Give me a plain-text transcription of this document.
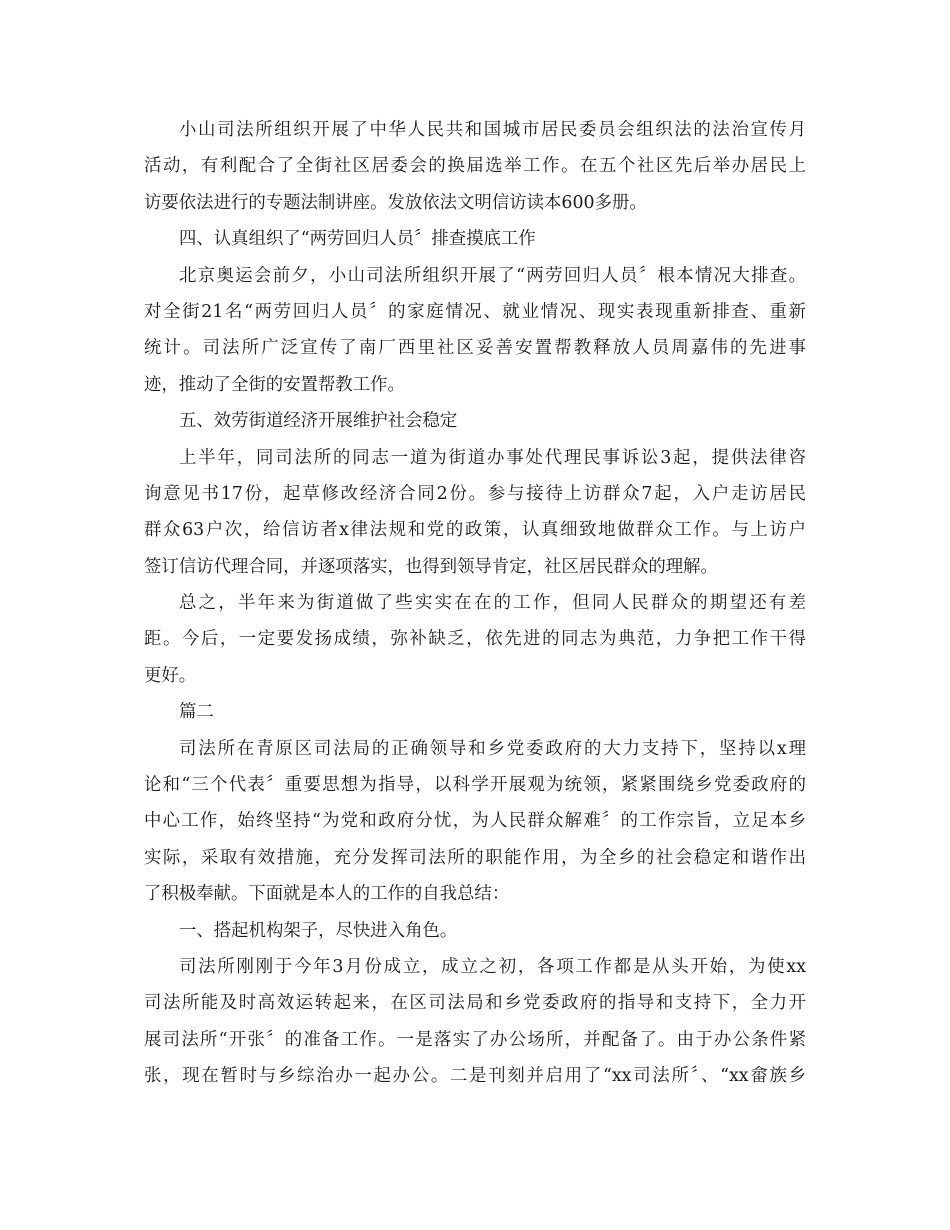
小山司法所组织开展了中华人民共和国城市居民委员会组织法的法治宣传月
活动，有利配合了全街社区居委会的换届选举工作。在五个社区先后举办居民上
访要依法进行的专题法制讲座。发放依法文明信访读本600多册。
四、认真组织了“两劳回归人员〞排查摸底工作
北京奥运会前夕，小山司法所组织开展了“两劳回归人员〞根本情况大排查。
对全街21名“两劳回归人员〞的家庭情况、就业情况、现实表现重新排查、重新
统计。司法所广泛宣传了南厂西里社区妥善安置帮教释放人员周嘉伟的先进事
迹，推动了全街的安置帮教工作。
五、效劳街道经济开展维护社会稳定
上半年，同司法所的同志一道为街道办事处代理民事诉讼3起，提供法律咨
询意见书17份，起草修改经济合同2份。参与接待上访群众7起，入户走访居民
群众63户次，给信访者x律法规和党的政策，认真细致地做群众工作。与上访户
签订信访代理合同，并逐项落实，也得到领导肯定，社区居民群众的理解。
总之，半年来为街道做了些实实在在的工作，但同人民群众的期望还有差
距。今后，一定要发扬成绩，弥补缺乏，依先进的同志为典范，力争把工作干得
更好。
篇二
司法所在青原区司法局的正确领导和乡党委政府的大力支持下，坚持以x理
论和“三个代表〞重要思想为指导，以科学开展观为统领，紧紧围绕乡党委政府的
中心工作，始终坚持“为党和政府分忧，为人民群众解难〞的工作宗旨，立足本乡
实际，采取有效措施，充分发挥司法所的职能作用，为全乡的社会稳定和谐作出
了积极奉献。下面就是本人的工作的自我总结：
一、搭起机构架子，尽快进入角色。
司法所刚刚于今年3月份成立，成立之初，各项工作都是从头开始，为使xx
司法所能及时高效运转起来，在区司法局和乡党委政府的指导和支持下，全力开
展司法所“开张〞的准备工作。一是落实了办公场所，并配备了。由于办公条件紧
张，现在暂时与乡综治办一起办公。二是刊刻并启用了“xx司法所〞、“xx畲族乡
